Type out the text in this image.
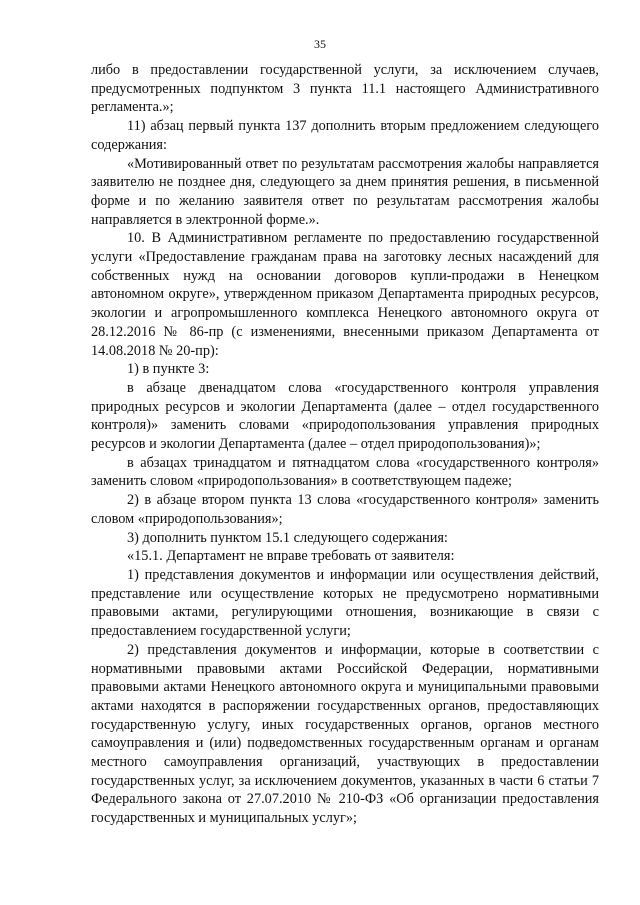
35

либо в предоставлении государственной услуги, за исключением случаев, предусмотренных подпунктом 3 пункта 11.1 настоящего Административного регламента.»;

11) абзац первый пункта 137 дополнить вторым предложением следующего содержания:

«Мотивированный ответ по результатам рассмотрения жалобы направляется заявителю не позднее дня, следующего за днем принятия решения, в письменной форме и по желанию заявителя ответ по результатам рассмотрения жалобы направляется в электронной форме.».

10. В Административном регламенте по предоставлению государственной услуги «Предоставление гражданам права на заготовку лесных насаждений для собственных нужд на основании договоров купли-продажи в Ненецком автономном округе», утвержденном приказом Департамента природных ресурсов, экологии и агропромышленного комплекса Ненецкого автономного округа от 28.12.2016 № 86-пр (с изменениями, внесенными приказом Департамента от 14.08.2018 № 20-пр):

1) в пункте 3:

в абзаце двенадцатом слова «государственного контроля управления природных ресурсов и экологии Департамента (далее – отдел государственного контроля)» заменить словами «природопользования управления природных ресурсов и экологии Департамента (далее – отдел природопользования)»;

в абзацах тринадцатом и пятнадцатом слова «государственного контроля» заменить словом «природопользования» в соответствующем падеже;

2) в абзаце втором пункта 13 слова «государственного контроля» заменить словом «природопользования»;

3) дополнить пунктом 15.1 следующего содержания:

«15.1. Департамент не вправе требовать от заявителя:

1) представления документов и информации или осуществления действий, представление или осуществление которых не предусмотрено нормативными правовыми актами, регулирующими отношения, возникающие в связи с предоставлением государственной услуги;

2) представления документов и информации, которые в соответствии с нормативными правовыми актами Российской Федерации, нормативными правовыми актами Ненецкого автономного округа и муниципальными правовыми актами находятся в распоряжении государственных органов, предоставляющих государственную услугу, иных государственных органов, органов местного самоуправления и (или) подведомственных государственным органам и органам местного самоуправления организаций, участвующих в предоставлении государственных услуг, за исключением документов, указанных в части 6 статьи 7 Федерального закона от 27.07.2010 № 210-ФЗ «Об организации предоставления государственных и муниципальных услуг»;
